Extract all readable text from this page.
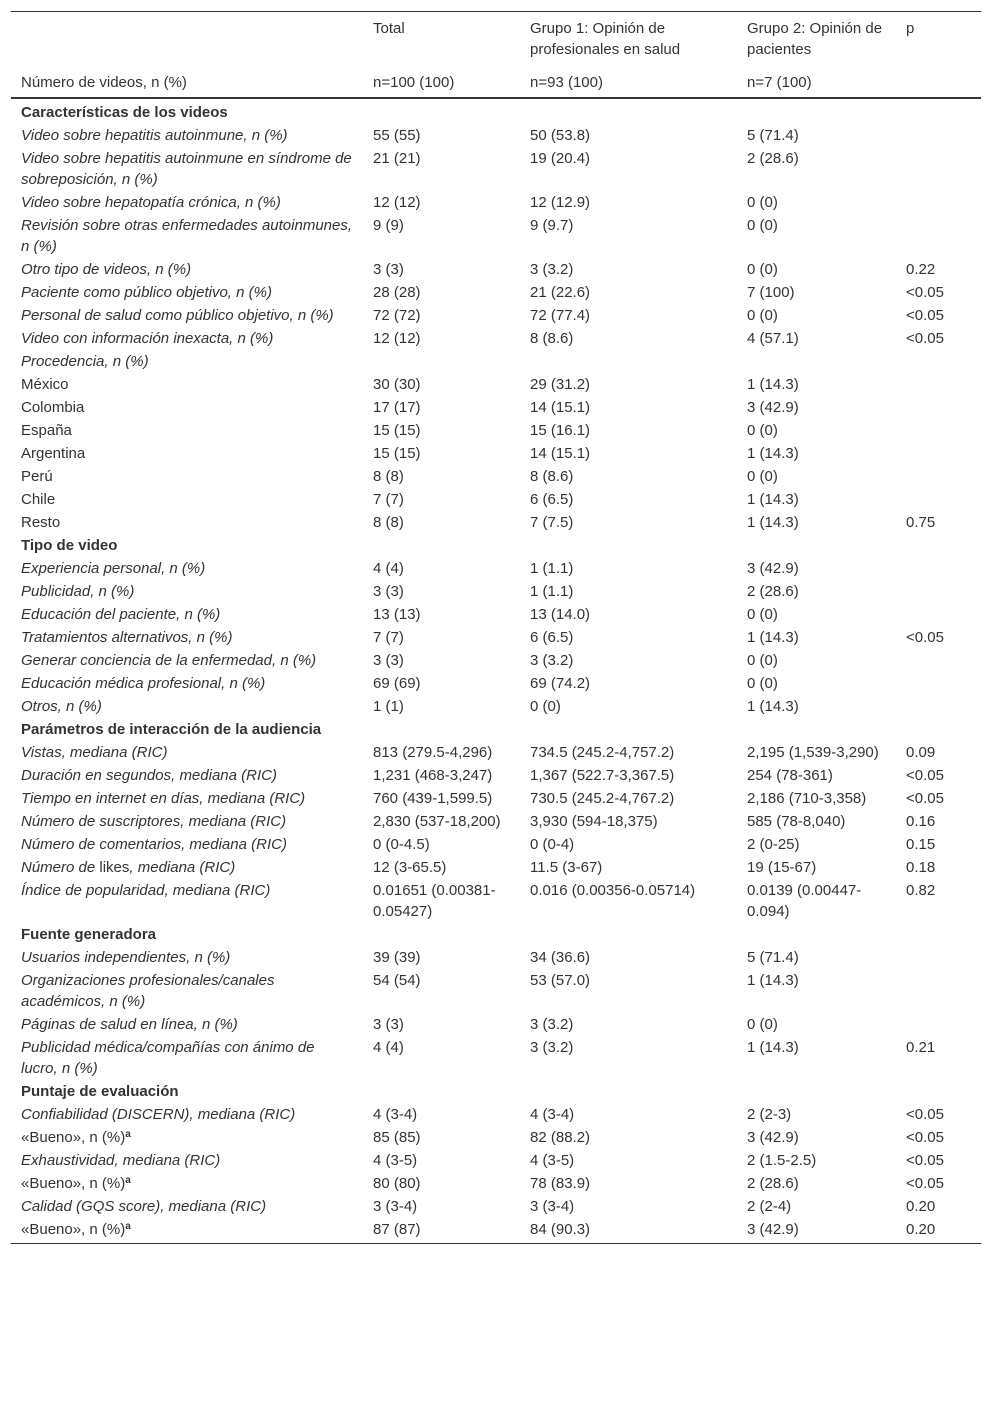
	Total	Grupo 1: Opinión de profesionales en salud	Grupo 2: Opinión de pacientes	p
Número de videos, n (%)	n=100 (100)	n=93 (100)	n=7 (100)	
Características de los videos				
Video sobre hepatitis autoinmune, n (%)	55 (55)	50 (53.8)	5 (71.4)	
Video sobre hepatitis autoinmune en síndrome de sobreposición, n (%)	21 (21)	19 (20.4)	2 (28.6)	
Video sobre hepatopatía crónica, n (%)	12 (12)	12 (12.9)	0 (0)	
Revisión sobre otras enfermedades autoinmunes, n (%)	9 (9)	9 (9.7)	0 (0)	
Otro tipo de videos, n (%)	3 (3)	3 (3.2)	0 (0)	0.22
Paciente como público objetivo, n (%)	28 (28)	21 (22.6)	7 (100)	<0.05
Personal de salud como público objetivo, n (%)	72 (72)	72 (77.4)	0 (0)	<0.05
Video con información inexacta, n (%)	12 (12)	8 (8.6)	4 (57.1)	<0.05
Procedencia, n (%)				
México	30 (30)	29 (31.2)	1 (14.3)	
Colombia	17 (17)	14 (15.1)	3 (42.9)	
España	15 (15)	15 (16.1)	0 (0)	
Argentina	15 (15)	14 (15.1)	1 (14.3)	
Perú	8 (8)	8 (8.6)	0 (0)	
Chile	7 (7)	6 (6.5)	1 (14.3)	
Resto	8 (8)	7 (7.5)	1 (14.3)	0.75
Tipo de video				
Experiencia personal, n (%)	4 (4)	1 (1.1)	3 (42.9)	
Publicidad, n (%)	3 (3)	1 (1.1)	2 (28.6)	
Educación del paciente, n (%)	13 (13)	13 (14.0)	0 (0)	
Tratamientos alternativos, n (%)	7 (7)	6 (6.5)	1 (14.3)	<0.05
Generar conciencia de la enfermedad, n (%)	3 (3)	3 (3.2)	0 (0)	
Educación médica profesional, n (%)	69 (69)	69 (74.2)	0 (0)	
Otros, n (%)	1 (1)	0 (0)	1 (14.3)	
Parámetros de interacción de la audiencia				
Vistas, mediana (RIC)	813 (279.5-4,296)	734.5 (245.2-4,757.2)	2,195 (1,539-3,290)	0.09
Duración en segundos, mediana (RIC)	1,231 (468-3,247)	1,367 (522.7-3,367.5)	254 (78-361)	<0.05
Tiempo en internet en días, mediana (RIC)	760 (439-1,599.5)	730.5 (245.2-4,767.2)	2,186 (710-3,358)	<0.05
Número de suscriptores, mediana (RIC)	2,830 (537-18,200)	3,930 (594-18,375)	585 (78-8,040)	0.16
Número de comentarios, mediana (RIC)	0 (0-4.5)	0 (0-4)	2 (0-25)	0.15
Número de likes, mediana (RIC)	12 (3-65.5)	11.5 (3-67)	19 (15-67)	0.18
Índice de popularidad, mediana (RIC)	0.01651 (0.00381-0.05427)	0.016 (0.00356-0.05714)	0.0139 (0.00447-0.094)	0.82
Fuente generadora				
Usuarios independientes, n (%)	39 (39)	34 (36.6)	5 (71.4)	
Organizaciones profesionales/canales académicos, n (%)	54 (54)	53 (57.0)	1 (14.3)	
Páginas de salud en línea, n (%)	3 (3)	3 (3.2)	0 (0)	
Publicidad médica/compañías con ánimo de lucro, n (%)	4 (4)	3 (3.2)	1 (14.3)	0.21
Puntaje de evaluación				
Confiabilidad (DISCERN), mediana (RIC)	4 (3-4)	4 (3-4)	2 (2-3)	<0.05
«Bueno», n (%)$^a$	85 (85)	82 (88.2)	3 (42.9)	<0.05
Exhaustividad, mediana (RIC)	4 (3-5)	4 (3-5)	2 (1.5-2.5)	<0.05
«Bueno», n (%)$^a$	80 (80)	78 (83.9)	2 (28.6)	<0.05
Calidad (GQS score), mediana (RIC)	3 (3-4)	3 (3-4)	2 (2-4)	0.20
«Bueno», n (%)$^a$	87 (87)	84 (90.3)	3 (42.9)	0.20
